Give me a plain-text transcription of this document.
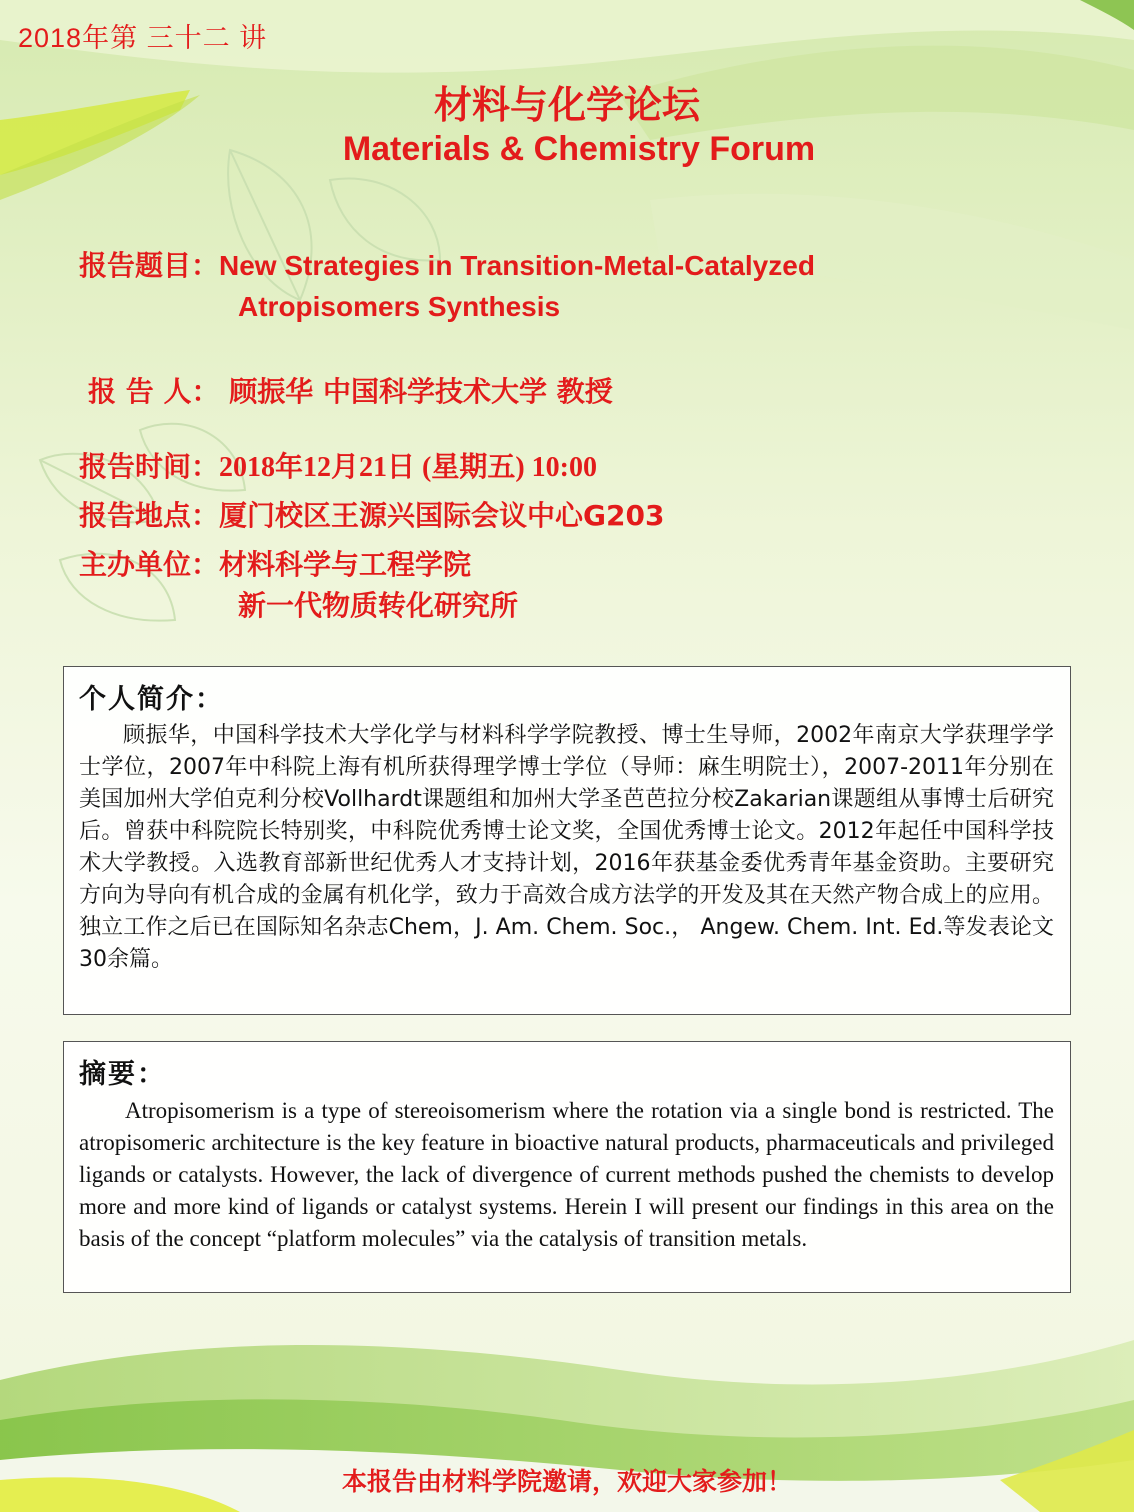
2018年第 三十二 讲
材料与化学论坛
Materials & Chemistry Forum
报告题目：New Strategies in Transition-Metal-Catalyzed
Atropisomers Synthesis
报 告 人： 顾振华 中国科学技术大学 教授
报告时间：2018年12月21日 (星期五) 10:00
报告地点：厦门校区王源兴国际会议中心G203
主办单位：材料科学与工程学院
新一代物质转化研究所
个人简介：

顾振华，中国科学技术大学化学与材料科学学院教授、博士生导师，2002年南京大学获理学学士学位，2007年中科院上海有机所获得理学博士学位（导师：麻生明院士），2007-2011年分别在美国加州大学伯克利分校Vollhardt课题组和加州大学圣芭芭拉分校Zakarian课题组从事博士后研究后。曾获中科院院长特别奖，中科院优秀博士论文奖，全国优秀博士论文。2012年起任中国科学技术大学教授。入选教育部新世纪优秀人才支持计划，2016年获基金委优秀青年基金资助。主要研究方向为导向有机合成的金属有机化学，致力于高效合成方法学的开发及其在天然产物合成上的应用。独立工作之后已在国际知名杂志Chem，J. Am. Chem. Soc.， Angew. Chem. Int. Ed.等发表论文30余篇。

摘要：

Atropisomerism is a type of stereoisomerism where the rotation via a single bond is restricted. The atropisomeric architecture is the key feature in bioactive natural products, pharmaceuticals and privileged ligands or catalysts. However, the lack of divergence of current methods pushed the chemists to develop more and more kind of ligands or catalyst systems. Herein I will present our findings in this area on the basis of the concept “platform molecules” via the catalysis of transition metals.

本报告由材料学院邀请，欢迎大家参加！
